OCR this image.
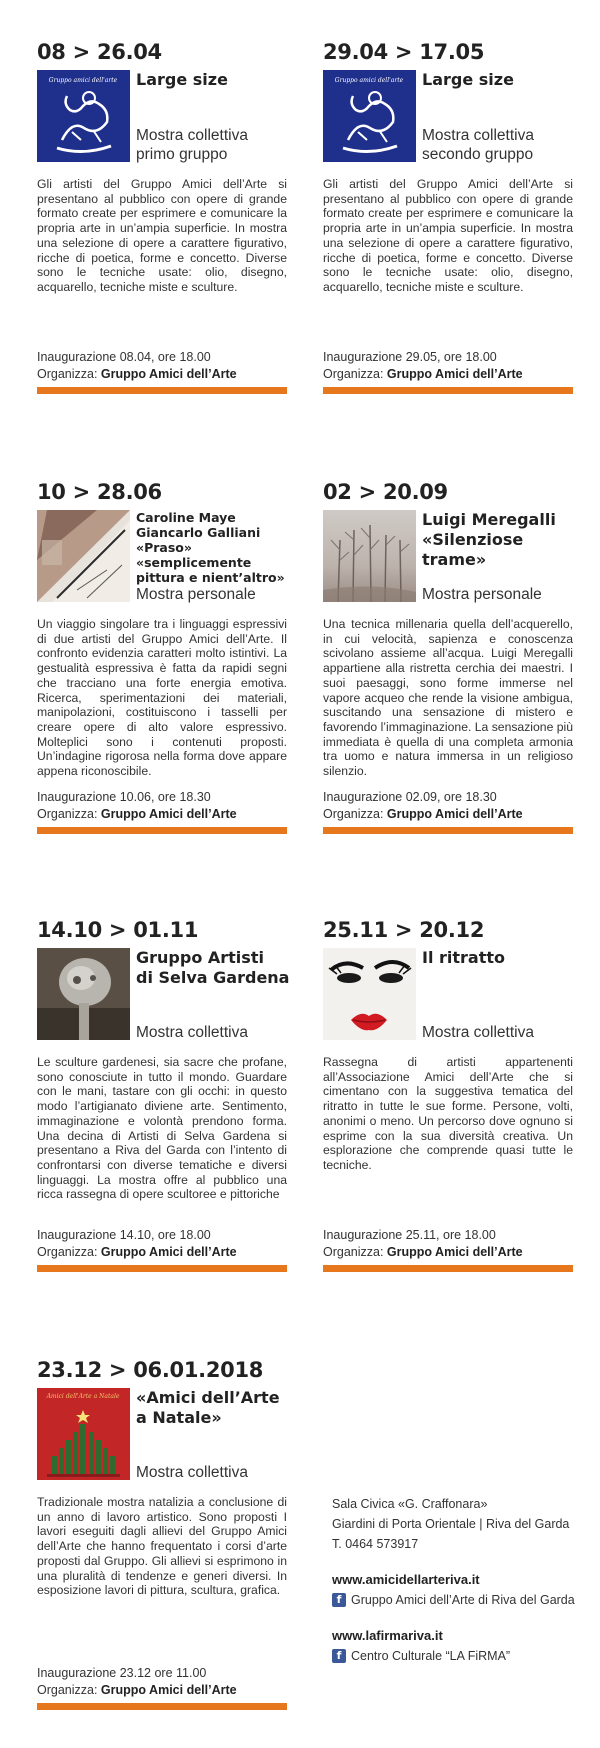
08 > 26.04
Gruppo amici dell'arte Large size
Mostra collettiva
primo gruppo
Gli artisti del Gruppo Amici dell’Arte si presentano al pubblico con opere di grande formato create per esprimere e comunicare la propria arte in un’ampia superficie. In mostra una selezione di opere a carattere figurativo, ricche di poetica, forme e concetto. Diverse sono le tecniche usate: olio, disegno, acquarello, tecniche miste e sculture.
Inaugurazione 08.04, ore 18.00
Organizza: Gruppo Amici dell’Arte
29.04 > 17.05
Gruppo amici dell'arte Large size
Mostra collettiva
secondo gruppo
Gli artisti del Gruppo Amici dell’Arte si presentano al pubblico con opere di grande formato create per esprimere e comunicare la propria arte in un’ampia superficie. In mostra una selezione di opere a carattere figurativo, ricche di poetica, forme e concetto. Diverse sono le tecniche usate: olio, disegno, acquarello, tecniche miste e sculture.
Inaugurazione 29.05, ore 18.00
Organizza: Gruppo Amici dell’Arte
10 > 28.06
Caroline Maye
Giancarlo Galliani
«Praso»
«semplicemente
pittura e nient’altro»
Mostra personale
Un viaggio singolare tra i linguaggi espressivi di due artisti del Gruppo Amici dell’Arte. Il confronto evidenzia caratteri molto istintivi. La gestualità espressiva è fatta da rapidi segni che tracciano una forte energia emotiva. Ricerca, sperimentazioni dei materiali, manipolazioni, costituiscono i tasselli per creare opere di alto valore espressivo. Molteplici sono i contenuti proposti. Un’indagine rigorosa nella forma dove appare appena riconoscibile.
Inaugurazione 10.06, ore 18.30
Organizza: Gruppo Amici dell’Arte
02 > 20.09
Luigi Meregalli
«Silenziose
trame»
Mostra personale
Una tecnica millenaria quella dell’acquerello, in cui velocità, sapienza e conoscenza scivolano assieme all’acqua. Luigi Meregalli appartiene alla ristretta cerchia dei maestri. I suoi paesaggi, sono forme immerse nel vapore acqueo che rende la visione ambigua, suscitando una sensazione di mistero e favorendo l’immaginazione. La sensazione più immediata è quella di una completa armonia tra uomo e natura immersa in un religioso silenzio.
Inaugurazione 02.09, ore 18.30
Organizza: Gruppo Amici dell’Arte
14.10 > 01.11
Gruppo Artisti
di Selva Gardena
Mostra collettiva
Le sculture gardenesi, sia sacre che profane, sono conosciute in tutto il mondo. Guardare con le mani, tastare con gli occhi: in questo modo l’artigianato diviene arte. Sentimento, immaginazione e volontà prendono forma. Una decina di Artisti di Selva Gardena si presentano a Riva del Garda con l’intento di confrontarsi con diverse tematiche e diversi linguaggi. La mostra offre al pubblico una ricca rassegna di opere scultoree e pittoriche
Inaugurazione 14.10, ore 18.00
Organizza: Gruppo Amici dell’Arte
25.11 > 20.12
Il ritratto
Mostra collettiva
Rassegna di artisti appartenenti all’Associazione Amici dell’Arte che si cimentano con la suggestiva tematica del ritratto in tutte le sue forme. Persone, volti, anonimi o meno. Un percorso dove ognuno si esprime con la sua diversità creativa. Un esplorazione che comprende quasi tutte le tecniche.
Inaugurazione 25.11, ore 18.00
Organizza: Gruppo Amici dell’Arte
23.12 > 06.01.2018
Amici dell'Arte a Natale «Amici dell’Arte
a Natale»
Mostra collettiva
Tradizionale mostra natalizia a conclusione di un anno di lavoro artistico. Sono proposti I lavori eseguiti dagli allievi del Gruppo Amici dell’Arte che hanno frequentato i corsi d’arte proposti dal Gruppo. Gli allievi si esprimono in una pluralità di tendenze e generi diversi. In esposizione lavori di pittura, scultura, grafica.
Inaugurazione 23.12 ore 11.00
Organizza: Gruppo Amici dell’Arte
Sala Civica «G. Craffonara»
Giardini di Porta Orientale | Riva del Garda
T. 0464 573917
www.amicidellarteriva.it
f Gruppo Amici dell’Arte di Riva del Garda
www.lafirmariva.it
f Centro Culturale “LA FiRMA”
